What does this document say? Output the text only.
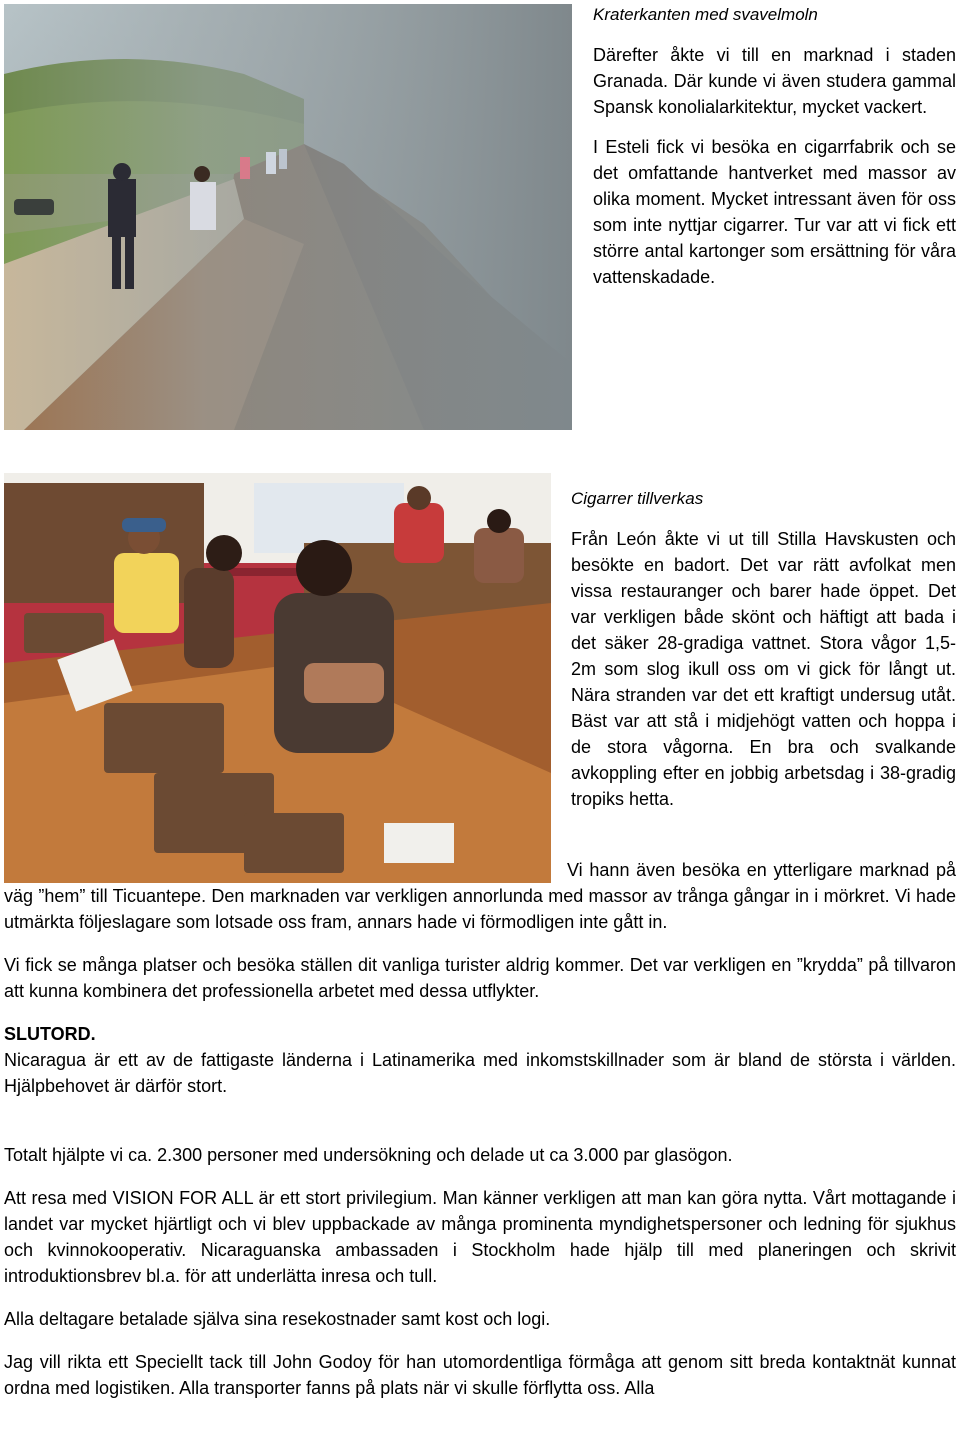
Kraterkanten med svavelmoln

Därefter åkte vi till en marknad i staden Granada. Där kunde vi även studera gammal Spansk konolialarkitektur, mycket vackert.

I Esteli fick vi besöka en cigarrfabrik och se det omfattande hantverket med massor av olika moment. Mycket intressant även för oss som inte nyttjar cigarrer. Tur var att vi fick ett större antal kartonger som ersättning för våra vattenskadade.

Cigarrer tillverkas

Från León åkte vi ut till Stilla Havskusten och besökte en badort. Det var rätt avfolkat men vissa restauranger och barer hade öppet. Det var verkligen både skönt och häftigt att bada i det säker 28-gradiga vattnet. Stora vågor 1,5-2m som slog ikull oss om vi gick för långt ut. Nära stranden var det ett kraftigt undersug utåt. Bäst var att stå i midjehögt vatten och hoppa i de stora vågorna. En bra och svalkande avkoppling efter en jobbig arbetsdag i 38-gradig tropiks hetta.

Vi hann även besöka en ytterligare marknad på väg ”hem” till Ticuantepe. Den marknaden var verkligen annorlunda med massor av trånga gångar in i mörkret. Vi hade utmärkta följeslagare som lotsade oss fram, annars hade vi förmodligen inte gått in.

Vi fick se många platser och besöka ställen dit vanliga turister aldrig kommer. Det var verkligen en ”krydda” på tillvaron att kunna kombinera det professionella arbetet med dessa utflykter.

SLUTORD.
Nicaragua är ett av de fattigaste länderna i Latinamerika med inkomstskillnader som är bland de största i världen. Hjälpbehovet är därför stort.

Totalt hjälpte vi ca. 2.300 personer med undersökning och delade ut ca 3.000 par glasögon.

Att resa med VISION FOR ALL är ett stort privilegium. Man känner verkligen att man kan göra nytta. Vårt mottagande i landet var mycket hjärtligt och vi blev uppbackade av många prominenta myndighetspersoner och ledning för sjukhus och kvinnokooperativ. Nicaraguanska ambassaden i Stockholm hade hjälp till med planeringen och skrivit introduktionsbrev bl.a. för att underlätta inresa och tull.

Alla deltagare betalade själva sina resekostnader samt kost och logi.

Jag vill rikta ett Speciellt tack till John Godoy för han utomordentliga förmåga att genom sitt breda kontaktnät kunnat ordna med logistiken. Alla transporter fanns på plats när vi skulle förflytta oss. Alla
